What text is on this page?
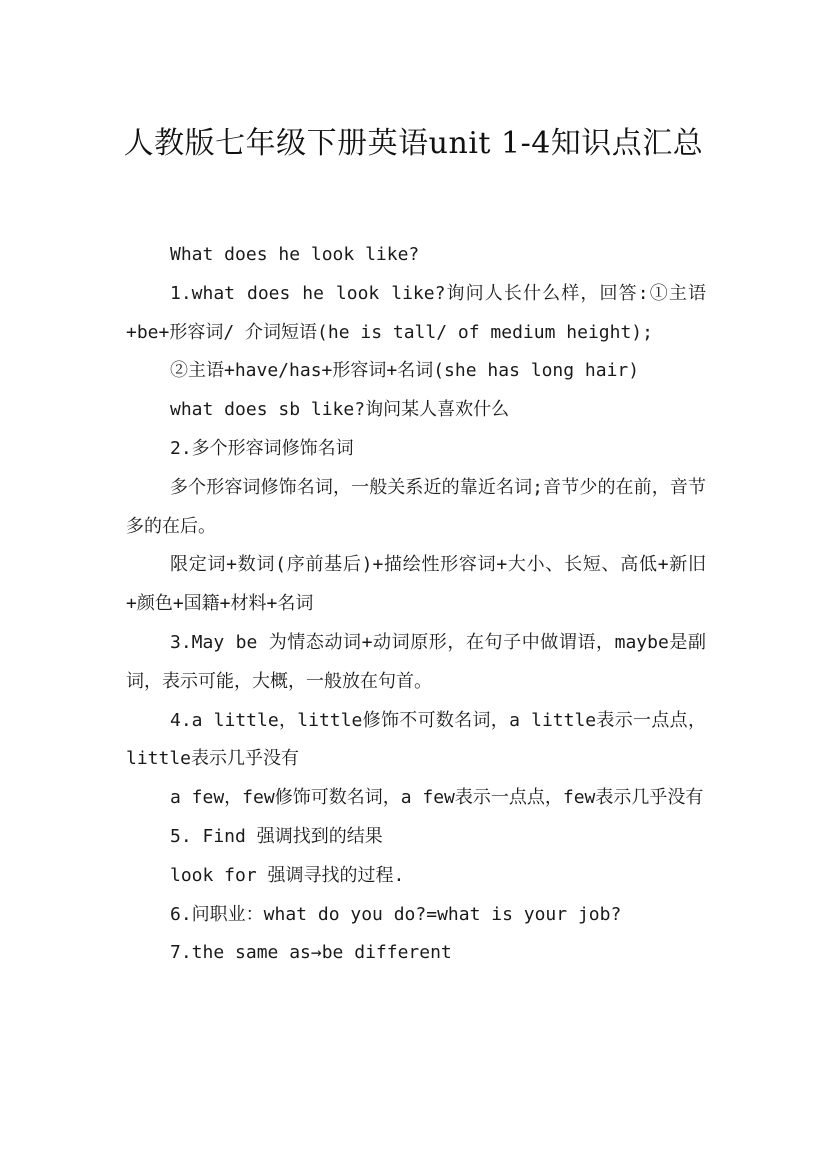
人教版七年级下册英语unit 1-4知识点汇总

What does he look like?

1.what does he look like?询问人长什么样，回答:①主语+be+形容词/ 介词短语(he is tall/ of medium height);

②主语+have/has+形容词+名词(she has long hair)

what does sb like?询问某人喜欢什么

2.多个形容词修饰名词

多个形容词修饰名词，一般关系近的靠近名词;音节少的在前，音节多的在后。

限定词+数词(序前基后)+描绘性形容词+大小、长短、高低+新旧+颜色+国籍+材料+名词

3.May be 为情态动词+动词原形，在句子中做谓语，maybe是副词，表示可能，大概，一般放在句首。

4.a little，little修饰不可数名词，a little表示一点点，little表示几乎没有

a few，few修饰可数名词，a few表示一点点，few表示几乎没有

5. Find 强调找到的结果

look for 强调寻找的过程.

6.问职业：what do you do?=what is your job?

7.the same as→be different
